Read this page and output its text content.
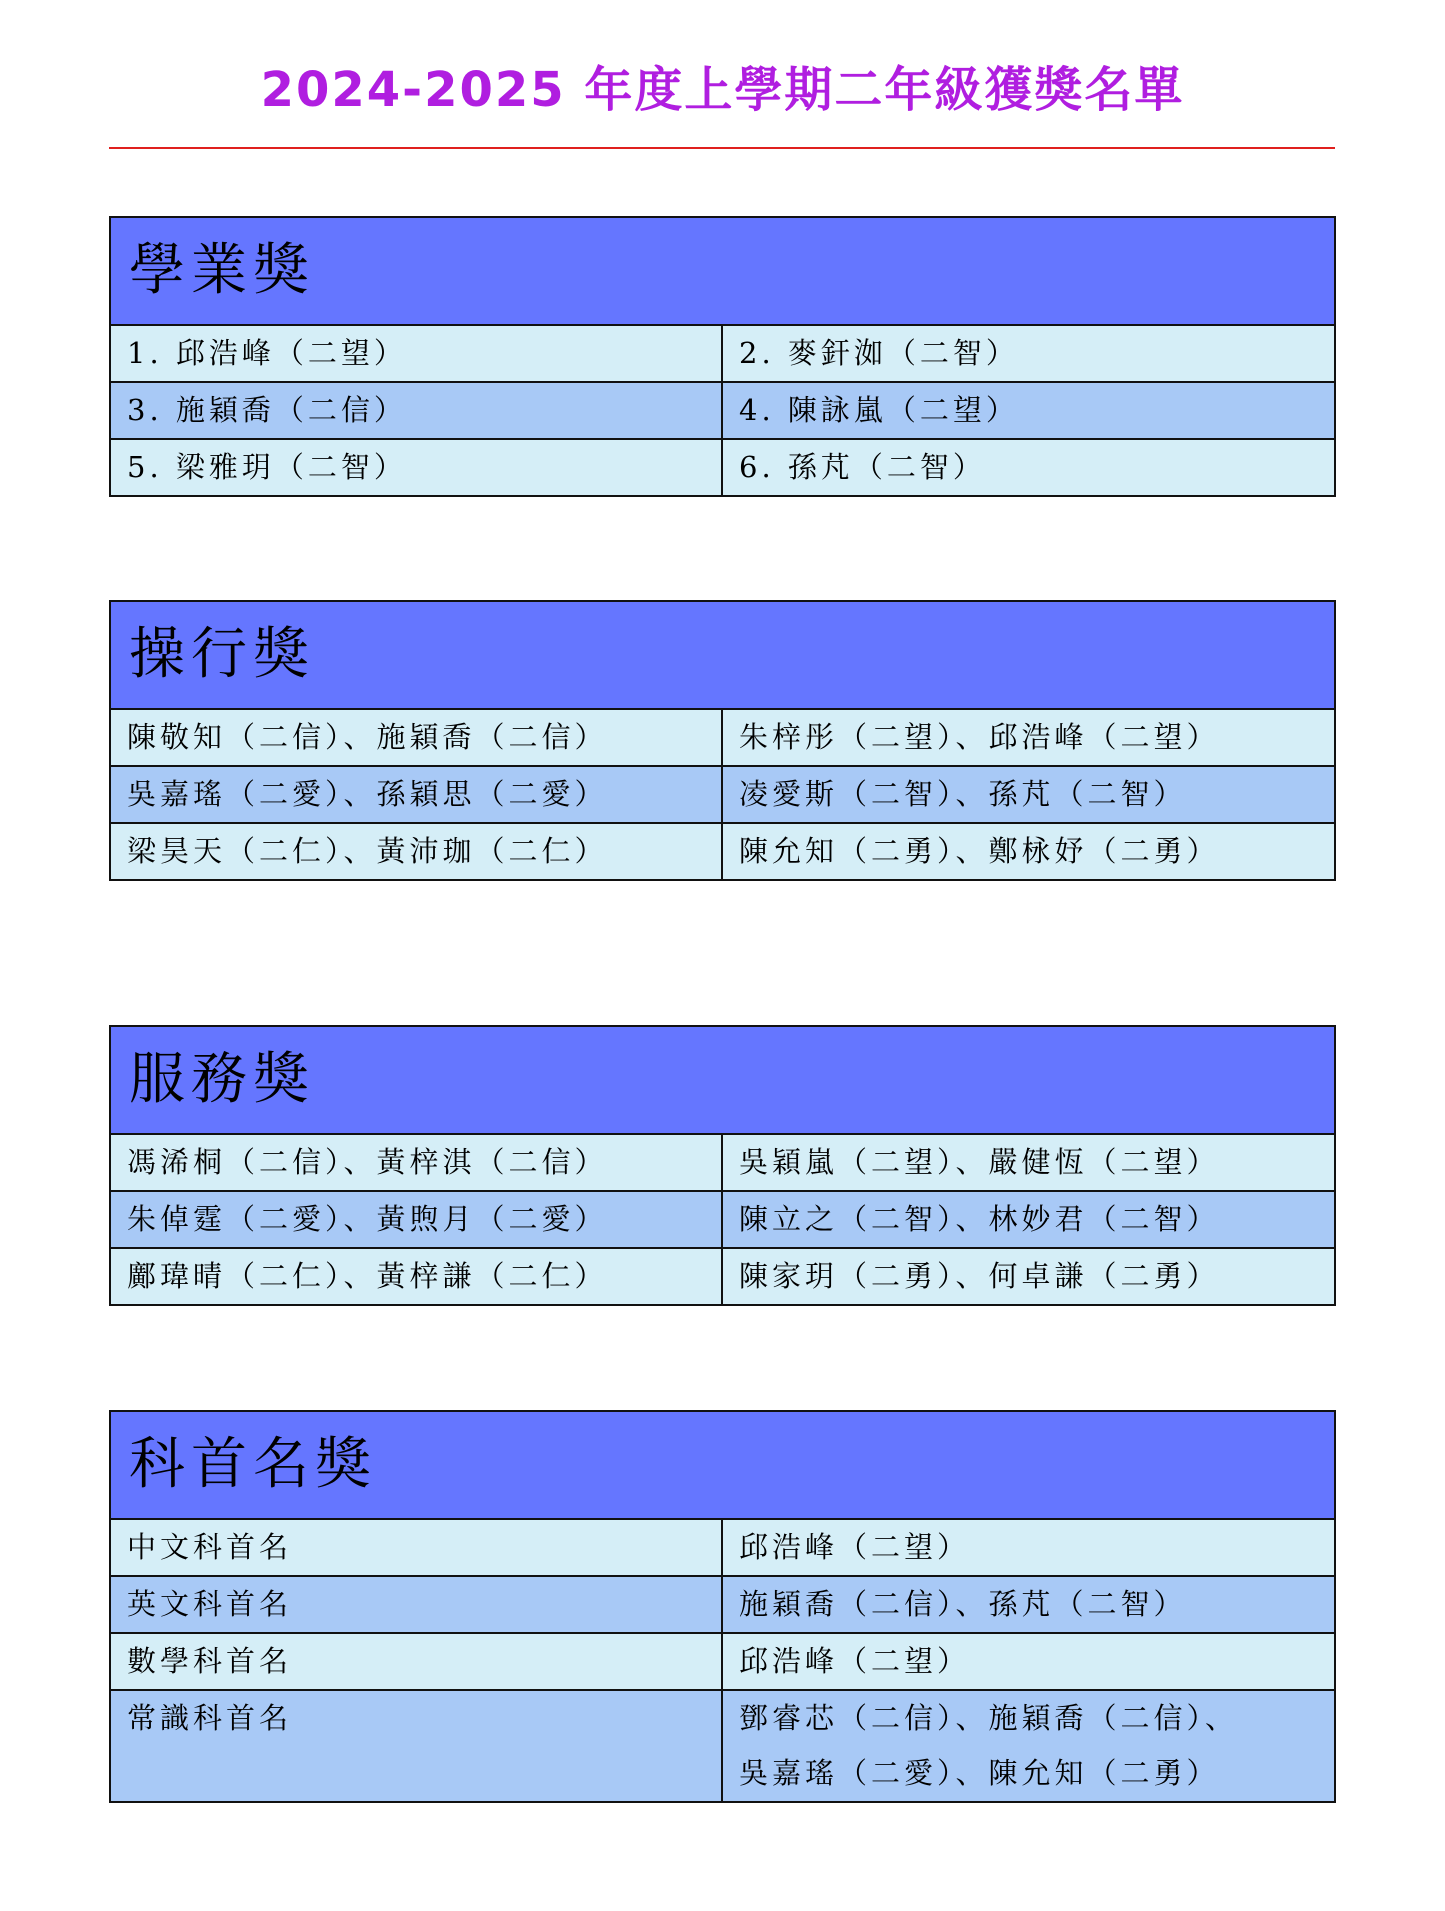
2024-2025 年度上學期二年級獲獎名單
學業獎	
1. 邱浩峰（二望）	2. 麥釬洳（二智）
3. 施穎喬（二信）	4. 陳詠嵐（二望）
5. 梁雅玥（二智）	6. 孫芃（二智）
操行獎	
陳敬知（二信）、施穎喬（二信）	朱梓彤（二望）、邱浩峰（二望）
吳嘉瑤（二愛）、孫穎思（二愛）	凌愛斯（二智）、孫芃（二智）
梁昊天（二仁）、黃沛珈（二仁）	陳允知（二勇）、鄭栐妤（二勇）
服務獎	
馮浠桐（二信）、黃梓淇（二信）	吳穎嵐（二望）、嚴健恆（二望）
朱倬霆（二愛）、黃煦月（二愛）	陳立之（二智）、林妙君（二智）
鄺瑋晴（二仁）、黃梓謙（二仁）	陳家玥（二勇）、何卓謙（二勇）
科首名獎	
中文科首名	邱浩峰（二望）
英文科首名	施穎喬（二信）、孫芃（二智）
數學科首名	邱浩峰（二望）
常識科首名	鄧睿芯（二信）、施穎喬（二信）、
吳嘉瑤（二愛）、陳允知（二勇）
